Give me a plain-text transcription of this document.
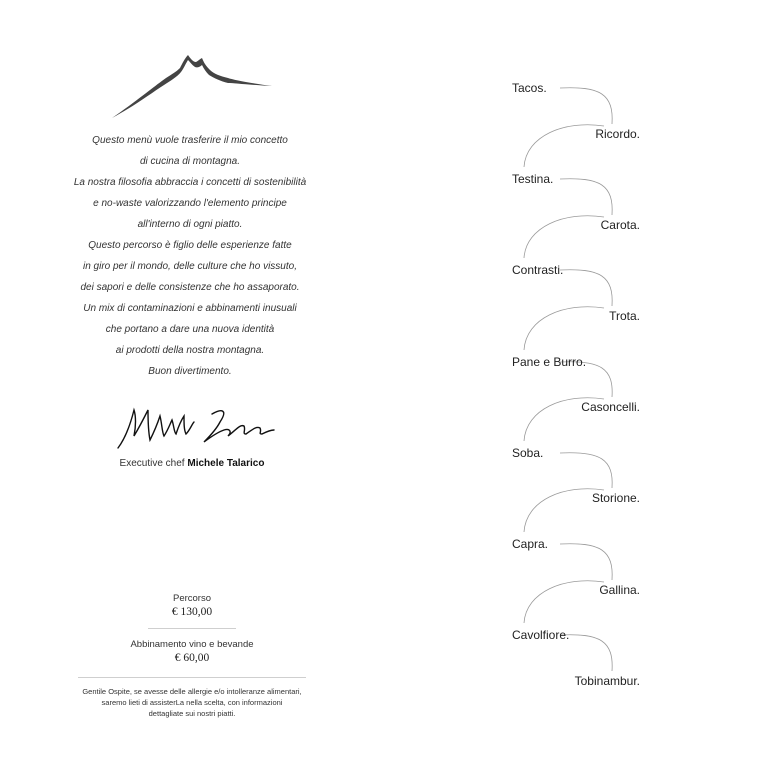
Questo menù vuole trasferire il mio concetto
di cucina di montagna.
La nostra filosofia abbraccia i concetti di sostenibilità
e no-waste valorizzando l'elemento principe
all'interno di ogni piatto.
Questo percorso è figlio delle esperienze fatte
in giro per il mondo, delle culture che ho vissuto,
dei sapori e delle consistenze che ho assaporato.
Un mix di contaminazioni e abbinamenti inusuali
che portano a dare una nuova identità
ai prodotti della nostra montagna.
Buon divertimento.
Executive chef Michele Talarico
Percorso
€ 130,00
Abbinamento vino e bevande
€ 60,00
Gentile Ospite, se avesse delle allergie e/o intolleranze alimentari,
saremo lieti di assisterLa nella scelta, con informazioni
dettagliate sui nostri piatti.
Tacos.
Ricordo.
Testina.
Carota.
Contrasti.
Trota.
Pane e Burro.
Casoncelli.
Soba.
Storione.
Capra.
Gallina.
Cavolfiore.
Tobinambur.
